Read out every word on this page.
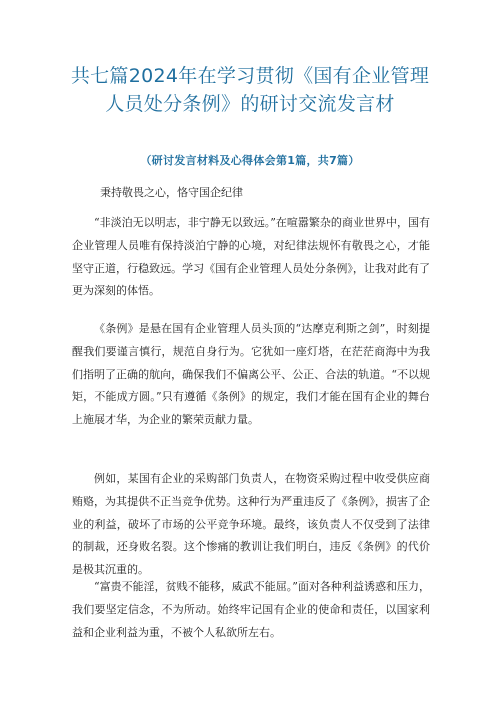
共七篇2024年在学习贯彻《国有企业管理
人员处分条例》的研讨交流发言材

（研讨发言材料及心得体会第1篇，共7篇）

秉持敬畏之心，恪守国企纪律

“非淡泊无以明志，非宁静无以致远。”在喧嚣繁杂的商业世界中，国有企业管理人员唯有保持淡泊宁静的心境，对纪律法规怀有敬畏之心，才能坚守正道，行稳致远。学习《国有企业管理人员处分条例》，让我对此有了更为深刻的体悟。

《条例》是悬在国有企业管理人员头顶的“达摩克利斯之剑”，时刻提醒我们要谨言慎行，规范自身行为。它犹如一座灯塔，在茫茫商海中为我们指明了正确的航向，确保我们不偏离公平、公正、合法的轨道。“不以规矩，不能成方圆。”只有遵循《条例》的规定，我们才能在国有企业的舞台上施展才华，为企业的繁荣贡献力量。

例如，某国有企业的采购部门负责人，在物资采购过程中收受供应商贿赂，为其提供不正当竞争优势。这种行为严重违反了《条例》，损害了企业的利益，破坏了市场的公平竞争环境。最终，该负责人不仅受到了法律的制裁，还身败名裂。这个惨痛的教训让我们明白，违反《条例》的代价是极其沉重的。

“富贵不能淫，贫贱不能移，威武不能屈。”面对各种利益诱惑和压力，我们要坚定信念，不为所动。始终牢记国有企业的使命和责任，以国家利益和企业利益为重，不被个人私欲所左右。
